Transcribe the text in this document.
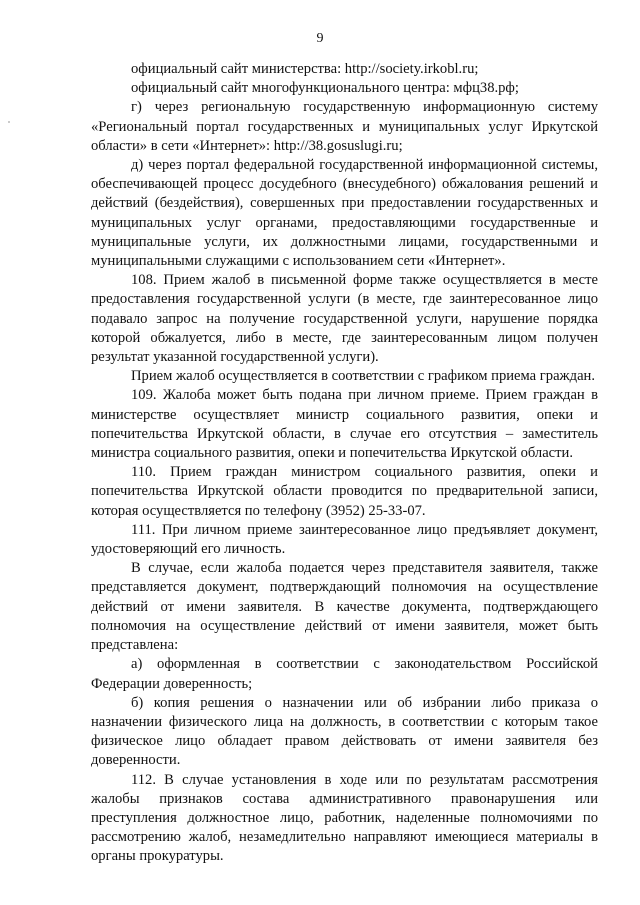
9

официальный сайт министерства: http://society.irkobl.ru;

официальный сайт многофункционального центра: мфц38.рф;

г) через региональную государственную информационную систему «Региональный портал государственных и муниципальных услуг Иркутской области» в сети «Интернет»: http://38.gosuslugi.ru;

д) через портал федеральной государственной информационной системы, обеспечивающей процесс досудебного (внесудебного) обжалования решений и действий (бездействия), совершенных при предоставлении государственных и муниципальных услуг органами, предоставляющими государственные и муниципальные услуги, их должностными лицами, государственными и муниципальными служащими с использованием сети «Интернет».

108. Прием жалоб в письменной форме также осуществляется в месте предоставления государственной услуги (в месте, где заинтересованное лицо подавало запрос на получение государственной услуги, нарушение порядка которой обжалуется, либо в месте, где заинтересованным лицом получен результат указанной государственной услуги).

Прием жалоб осуществляется в соответствии с графиком приема граждан.

109. Жалоба может быть подана при личном приеме. Прием граждан в министерстве осуществляет министр социального развития, опеки и попечительства Иркутской области, в случае его отсутствия – заместитель министра социального развития, опеки и попечительства Иркутской области.

110. Прием граждан министром социального развития, опеки и попечительства Иркутской области проводится по предварительной записи, которая осуществляется по телефону (3952) 25-33-07.

111. При личном приеме заинтересованное лицо предъявляет документ, удостоверяющий его личность.

В случае, если жалоба подается через представителя заявителя, также представляется документ, подтверждающий полномочия на осуществление действий от имени заявителя. В качестве документа, подтверждающего полномочия на осуществление действий от имени заявителя, может быть представлена:

а) оформленная в соответствии с законодательством Российской Федерации доверенность;

б) копия решения о назначении или об избрании либо приказа о назначении физического лица на должность, в соответствии с которым такое физическое лицо обладает правом действовать от имени заявителя без доверенности.

112. В случае установления в ходе или по результатам рассмотрения жалобы признаков состава административного правонарушения или преступления должностное лицо, работник, наделенные полномочиями по рассмотрению жалоб, незамедлительно направляют имеющиеся материалы в органы прокуратуры.
